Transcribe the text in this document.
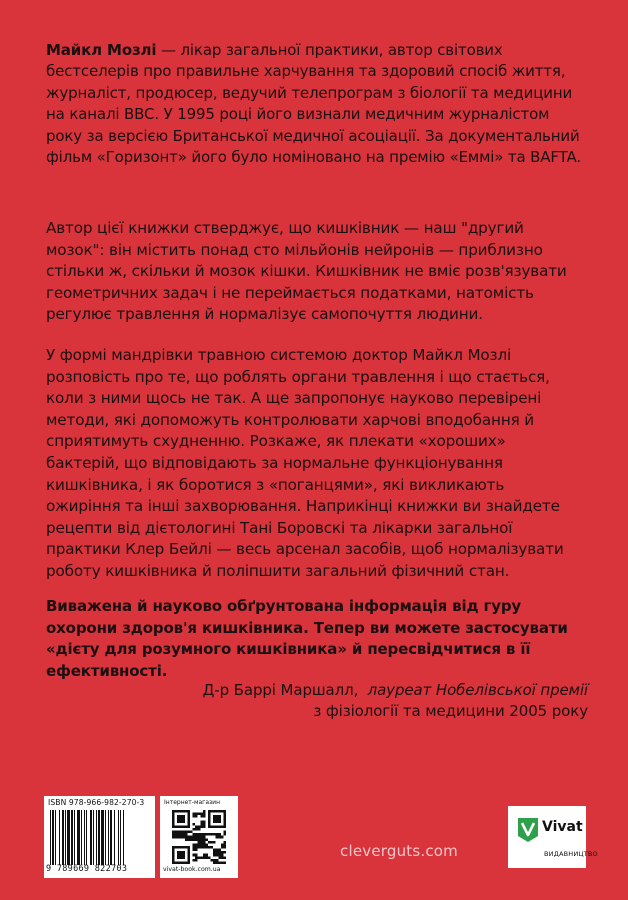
Майкл Мозлі — лікар загальної практики, автор світових бестселерів про правильне харчування та здоровий спосіб життя, журналіст, продюсер, ведучий телепрограм з біології та медицини на каналі BBC. У 1995 році його визнали медичним журналістом року за версією Британської медичної асоціації. За документальний фільм «Горизонт» його було номіновано на премію «Еммі» та BAFTA.

Автор цієї книжки стверджує, що кишківник — наш "другий мозок": він містить понад сто мільйонів нейронів — приблизно стільки ж, скільки й мозок кішки. Кишківник не вміє розв'язувати геометричних задач і не переймається податками, натомість регулює травлення й нормалізує самопочуття людини.

У формі мандрівки травною системою доктор Майкл Мозлі розповість про те, що роблять органи травлення і що стається, коли з ними щось не так. А ще запропонує науково перевірені методи, які допоможуть контролювати харчові вподобання й сприятимуть схудненню. Розкаже, як плекати «хороших» бактерій, що відповідають за нормальне функціонування кишківника, і як боротися з «поганцями», які викликають ожиріння та інші захворювання. Наприкінці книжки ви знайдете рецепти від дієтологині Тані Боровскі та лікарки загальної практики Клер Бейлі — весь арсенал засобів, щоб нормалізувати роботу кишківника й поліпшити загальний фізичний стан.

Виважена й науково обґрунтована інформація від гуру охорони здоров'я кишківника. Тепер ви можете застосувати «дієту для розумного кишківника» й пересвідчитися в її ефективності.

Д-р Баррі Маршалл, лауреат Нобелівської премії
з фізіології та медицини 2005 року
ISBN 978-966-982-270-3
9 789669 822703
Інтернет-магазин
vivat-book.com.ua
cleverguts.com
Vivat
ВИДАВНИЦТВО
